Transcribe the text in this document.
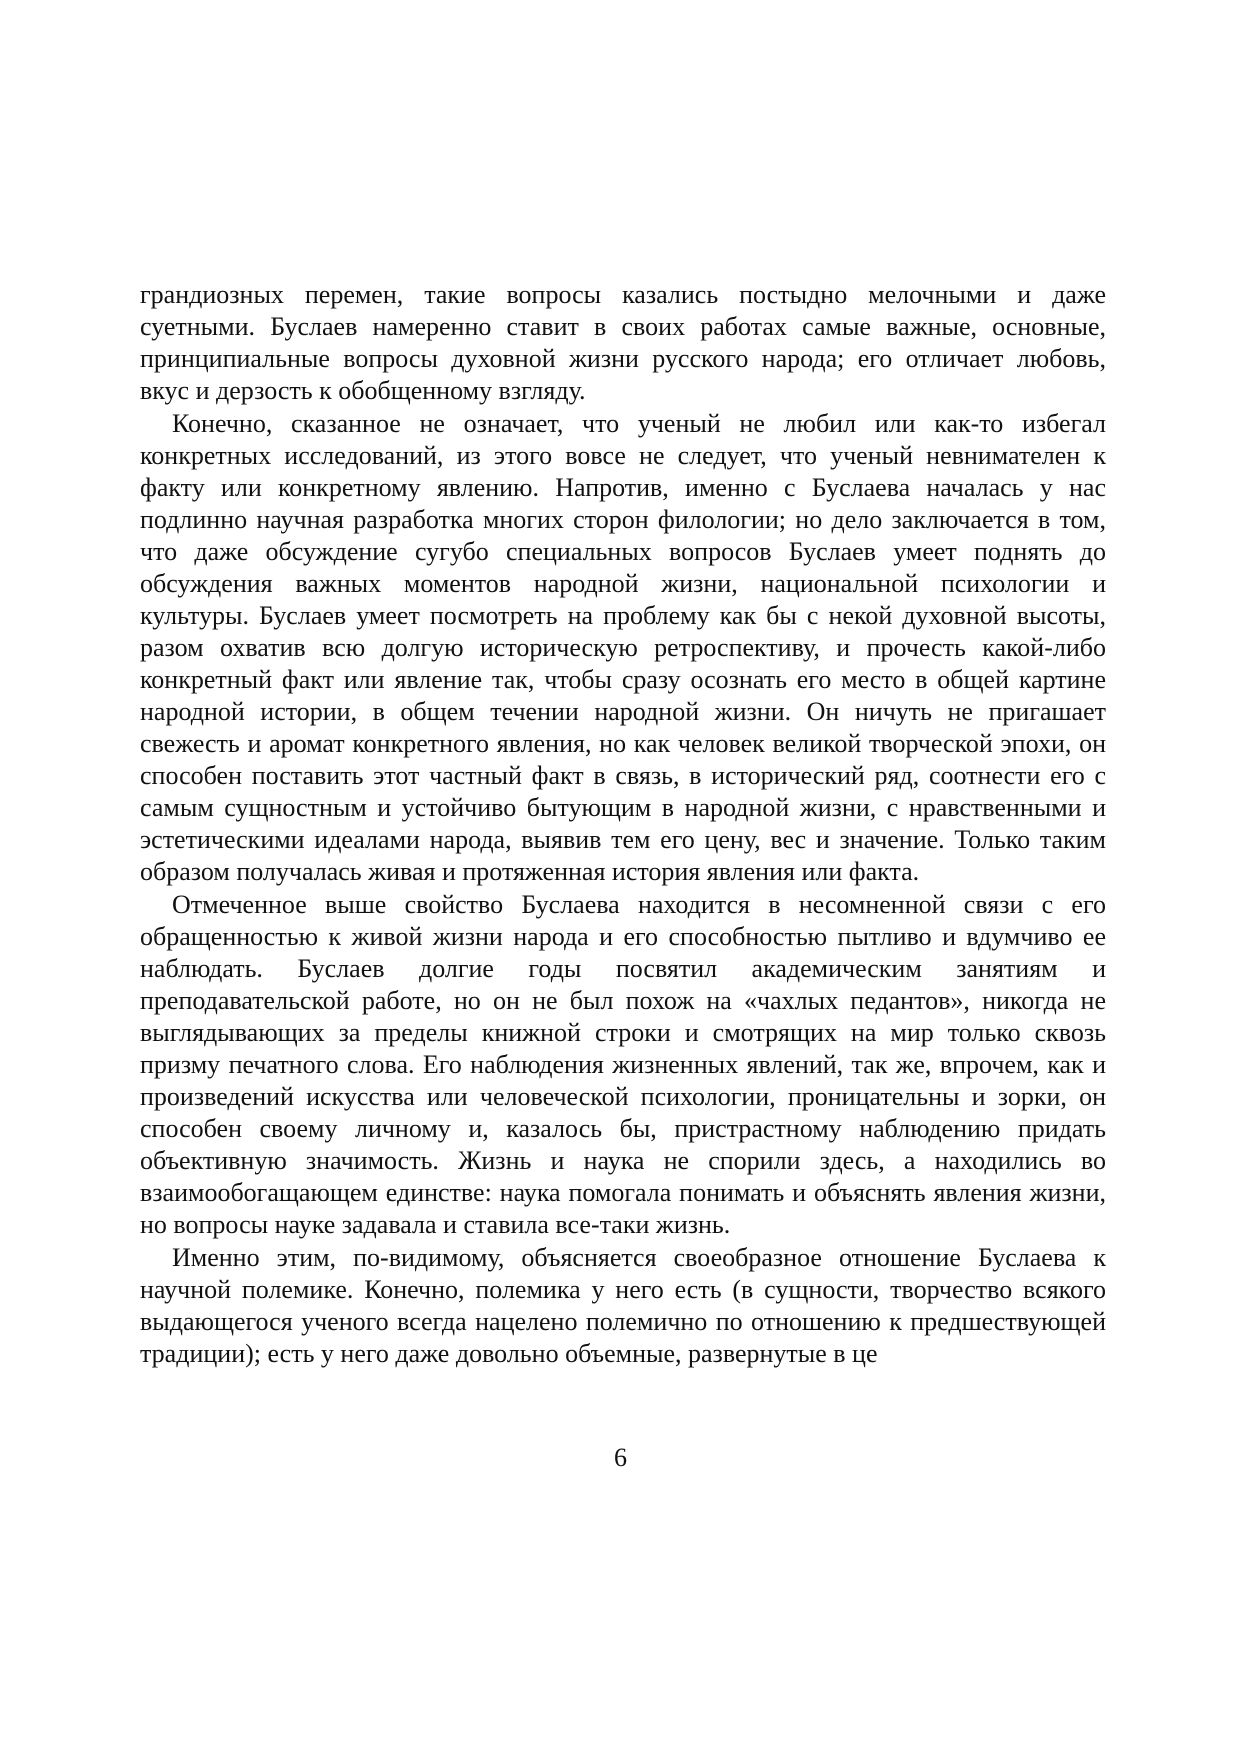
грандиозных перемен, такие вопросы казались постыдно мелочными и даже суетными. Буслаев намеренно ставит в своих работах самые важные, основные, принципиальные вопросы духовной жизни русского народа; его отличает любовь, вкус и дерзость к обобщенному взгляду.

Конечно, сказанное не означает, что ученый не любил или как-то избегал конкретных исследований, из этого вовсе не следует, что ученый невнимателен к факту или конкретному явлению. Напротив, именно с Буслаева началась у нас подлинно научная разработка многих сторон филологии; но дело заключается в том, что даже обсуждение сугубо специальных вопросов Буслаев умеет поднять до обсуждения важных моментов народной жизни, национальной психологии и культуры. Буслаев умеет посмотреть на проблему как бы с некой духовной высоты, разом охватив всю долгую историческую ретроспективу, и прочесть какой-либо конкретный факт или явление так, чтобы сразу осознать его место в общей картине народной истории, в общем течении народной жизни. Он ничуть не пригашает свежесть и аромат конкретного явления, но как человек великой творческой эпохи, он способен поставить этот частный факт в связь, в исторический ряд, соотнести его с самым сущностным и устойчиво бытующим в народной жизни, с нравственными и эстетическими идеалами народа, выявив тем его цену, вес и значение. Только таким образом получалась живая и протяженная история явления или факта.

Отмеченное выше свойство Буслаева находится в несомненной связи с его обращенностью к живой жизни народа и его способностью пытливо и вдумчиво ее наблюдать. Буслаев долгие годы посвятил академическим занятиям и преподавательской работе, но он не был похож на «чахлых педантов», никогда не выглядывающих за пределы книжной строки и смотрящих на мир только сквозь призму печатного слова. Его наблюдения жизненных явлений, так же, впрочем, как и произведений искусства или человеческой психологии, проницательны и зорки, он способен своему личному и, казалось бы, пристрастному наблюдению придать объективную значимость. Жизнь и наука не спорили здесь, а находились во взаимообогащающем единстве: наука помогала понимать и объяснять явления жизни, но вопросы науке задавала и ставила все-таки жизнь.

Именно этим, по-видимому, объясняется своеобразное отношение Буслаева к научной полемике. Конечно, полемика у него есть (в сущности, творчество всякого выдающегося ученого всегда нацелено полемично по отношению к предшествующей традиции); есть у него даже довольно объемные, развернутые в це

6
